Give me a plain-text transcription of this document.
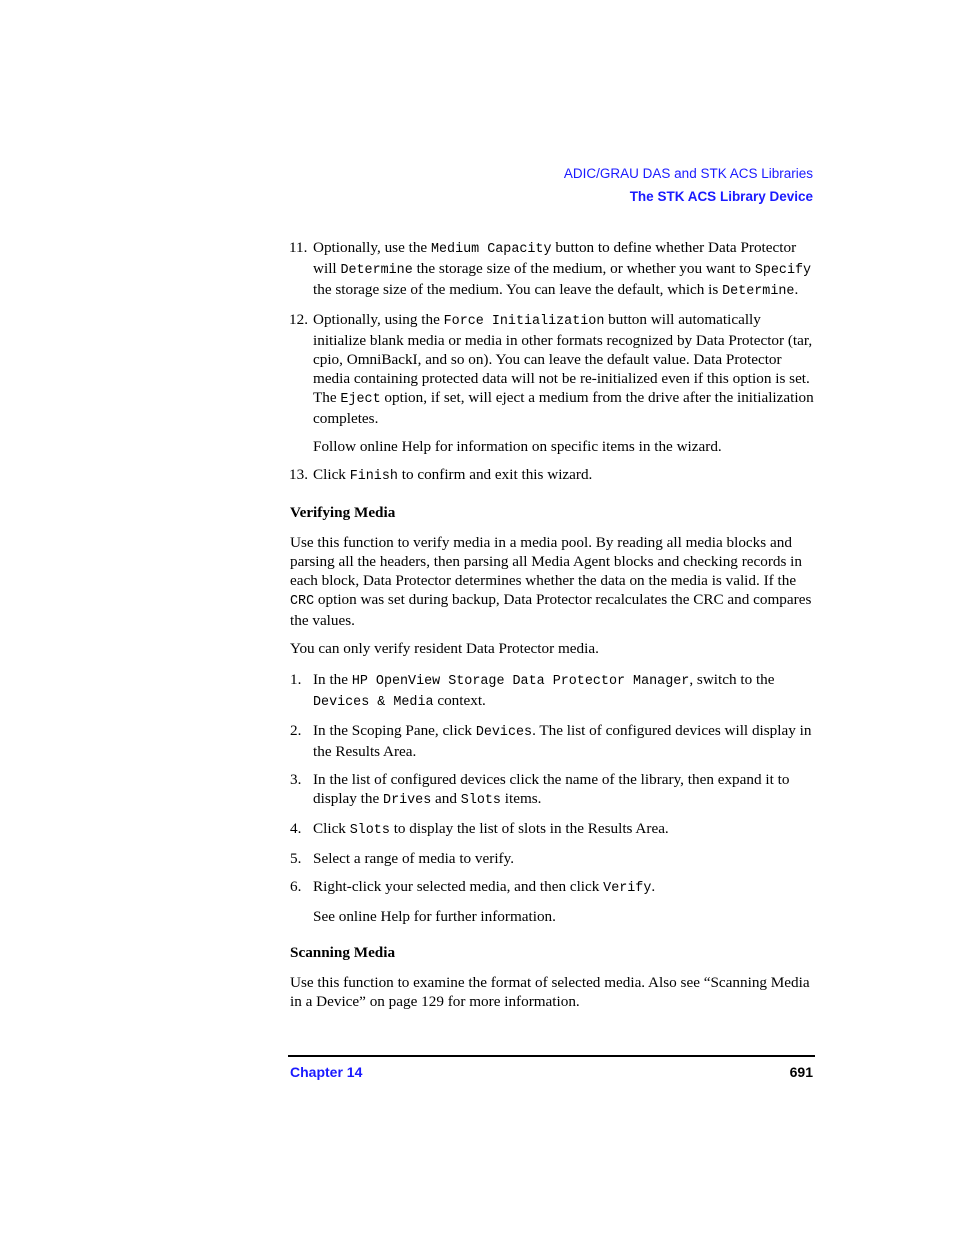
ADIC/GRAU DAS and STK ACS Libraries
The STK ACS Library Device
11. Optionally, use the Medium Capacity button to define whether Data Protector will Determine the storage size of the medium, or whether you want to Specify the storage size of the medium. You can leave the default, which is Determine.
12. Optionally, using the Force Initialization button will automatically initialize blank media or media in other formats recognized by Data Protector (tar, cpio, OmniBackI, and so on). You can leave the default value. Data Protector media containing protected data will not be re-initialized even if this option is set. The Eject option, if set, will eject a medium from the drive after the initialization completes.

Follow online Help for information on specific items in the wizard.

13. Click Finish to confirm and exit this wizard.

Verifying Media

Use this function to verify media in a media pool. By reading all media blocks and parsing all the headers, then parsing all Media Agent blocks and checking records in each block, Data Protector determines whether the data on the media is valid. If the CRC option was set during backup, Data Protector recalculates the CRC and compares the values.

You can only verify resident Data Protector media.

1. In the HP OpenView Storage Data Protector Manager, switch to the Devices & Media context.
2. In the Scoping Pane, click Devices. The list of configured devices will display in the Results Area.
3. In the list of configured devices click the name of the library, then expand it to display the Drives and Slots items.
4. Click Slots to display the list of slots in the Results Area.
5. Select a range of media to verify.
6. Right-click your selected media, and then click Verify.

See online Help for further information.

Scanning Media

Use this function to examine the format of selected media. Also see “Scanning Media in a Device” on page 129 for more information.

Chapter 14	691
